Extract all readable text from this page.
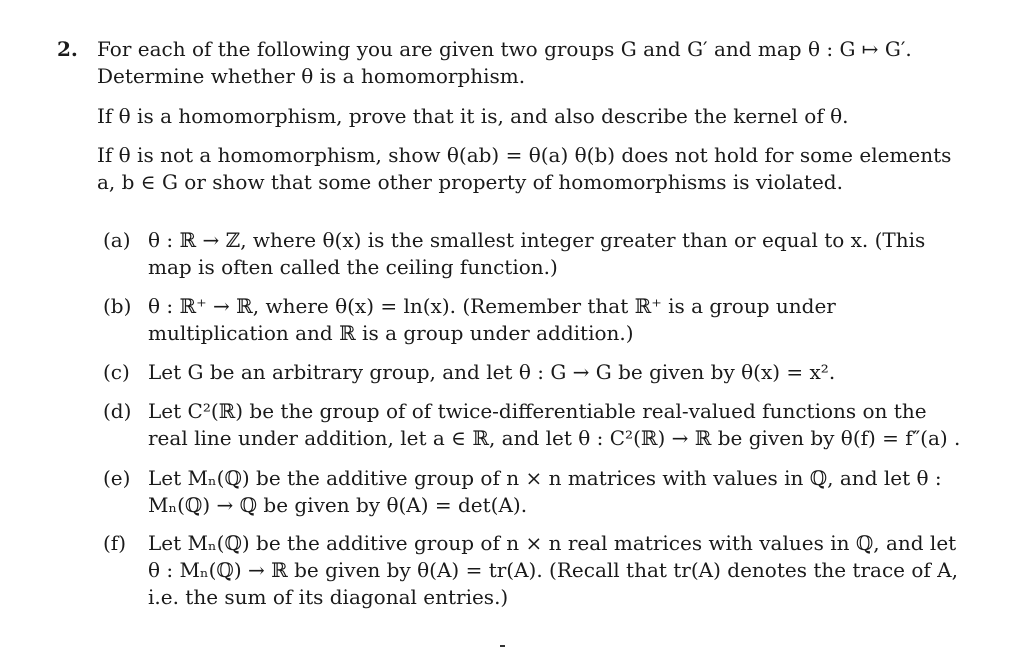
2. For each of the following you are given two groups G and G′ and map θ : G ↦ G′. Determine whether θ is a homomorphism.
If θ is a homomorphism, prove that it is, and also describe the kernel of θ.
If θ is not a homomorphism, show θ(ab) = θ(a) θ(b) does not hold for some elements a, b ∈ G or show that some other property of homomorphisms is violated.
(a) θ : ℝ → ℤ, where θ(x) is the smallest integer greater than or equal to x. (This map is often called the ceiling function.)
(b) θ : ℝ⁺ → ℝ, where θ(x) = ln(x). (Remember that ℝ⁺ is a group under multiplication and ℝ is a group under addition.)
(c) Let G be an arbitrary group, and let θ : G → G be given by θ(x) = x².
(d) Let C²(ℝ) be the group of of twice-differentiable real-valued functions on the real line under addition, let a ∈ ℝ, and let θ : C²(ℝ) → ℝ be given by θ(f) = f″(a) .
(e) Let Mₙ(ℚ) be the additive group of n × n matrices with values in ℚ, and let θ : Mₙ(ℚ) → ℚ be given by θ(A) = det(A).
(f) Let Mₙ(ℚ) be the additive group of n × n real matrices with values in ℚ, and let θ : Mₙ(ℚ) → ℝ be given by θ(A) = tr(A). (Recall that tr(A) denotes the trace of A, i.e. the sum of its diagonal entries.)
